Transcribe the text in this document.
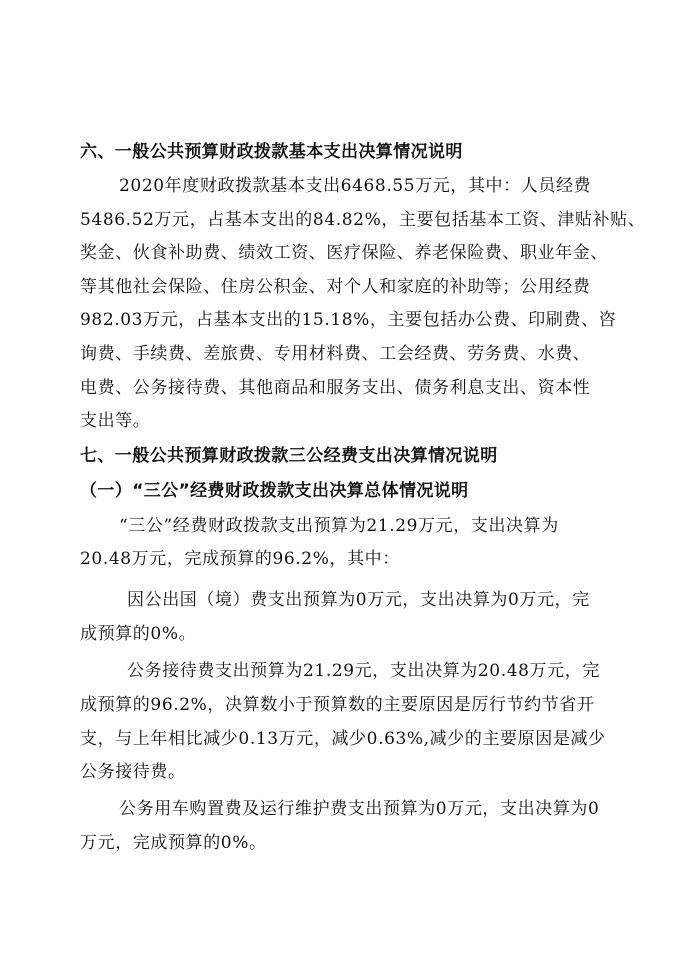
六、一般公共预算财政拨款基本支出决算情况说明
2020年度财政拨款基本支出6468.55万元，其中：人员经费
5486.52万元，占基本支出的84.82%，主要包括基本工资、津贴补贴、
奖金、伙食补助费、绩效工资、医疗保险、养老保险费、职业年金、
等其他社会保险、住房公积金、对个人和家庭的补助等；公用经费
982.03万元，占基本支出的15.18%，主要包括办公费、印刷费、咨
询费、手续费、差旅费、专用材料费、工会经费、劳务费、水费、
电费、公务接待费、其他商品和服务支出、债务利息支出、资本性
支出等。
七、一般公共预算财政拨款三公经费支出决算情况说明
（一）“三公”经费财政拨款支出决算总体情况说明
“三公”经费财政拨款支出预算为21.29万元，支出决算为
20.48万元，完成预算的96.2%，其中：
因公出国（境）费支出预算为0万元，支出决算为0万元，完
成预算的0%。
公务接待费支出预算为21.29元，支出决算为20.48万元，完
成预算的96.2%，决算数小于预算数的主要原因是厉行节约节省开
支，与上年相比减少0.13万元，减少0.63%,减少的主要原因是减少
公务接待费。
公务用车购置费及运行维护费支出预算为0万元，支出决算为0
万元，完成预算的0%。
